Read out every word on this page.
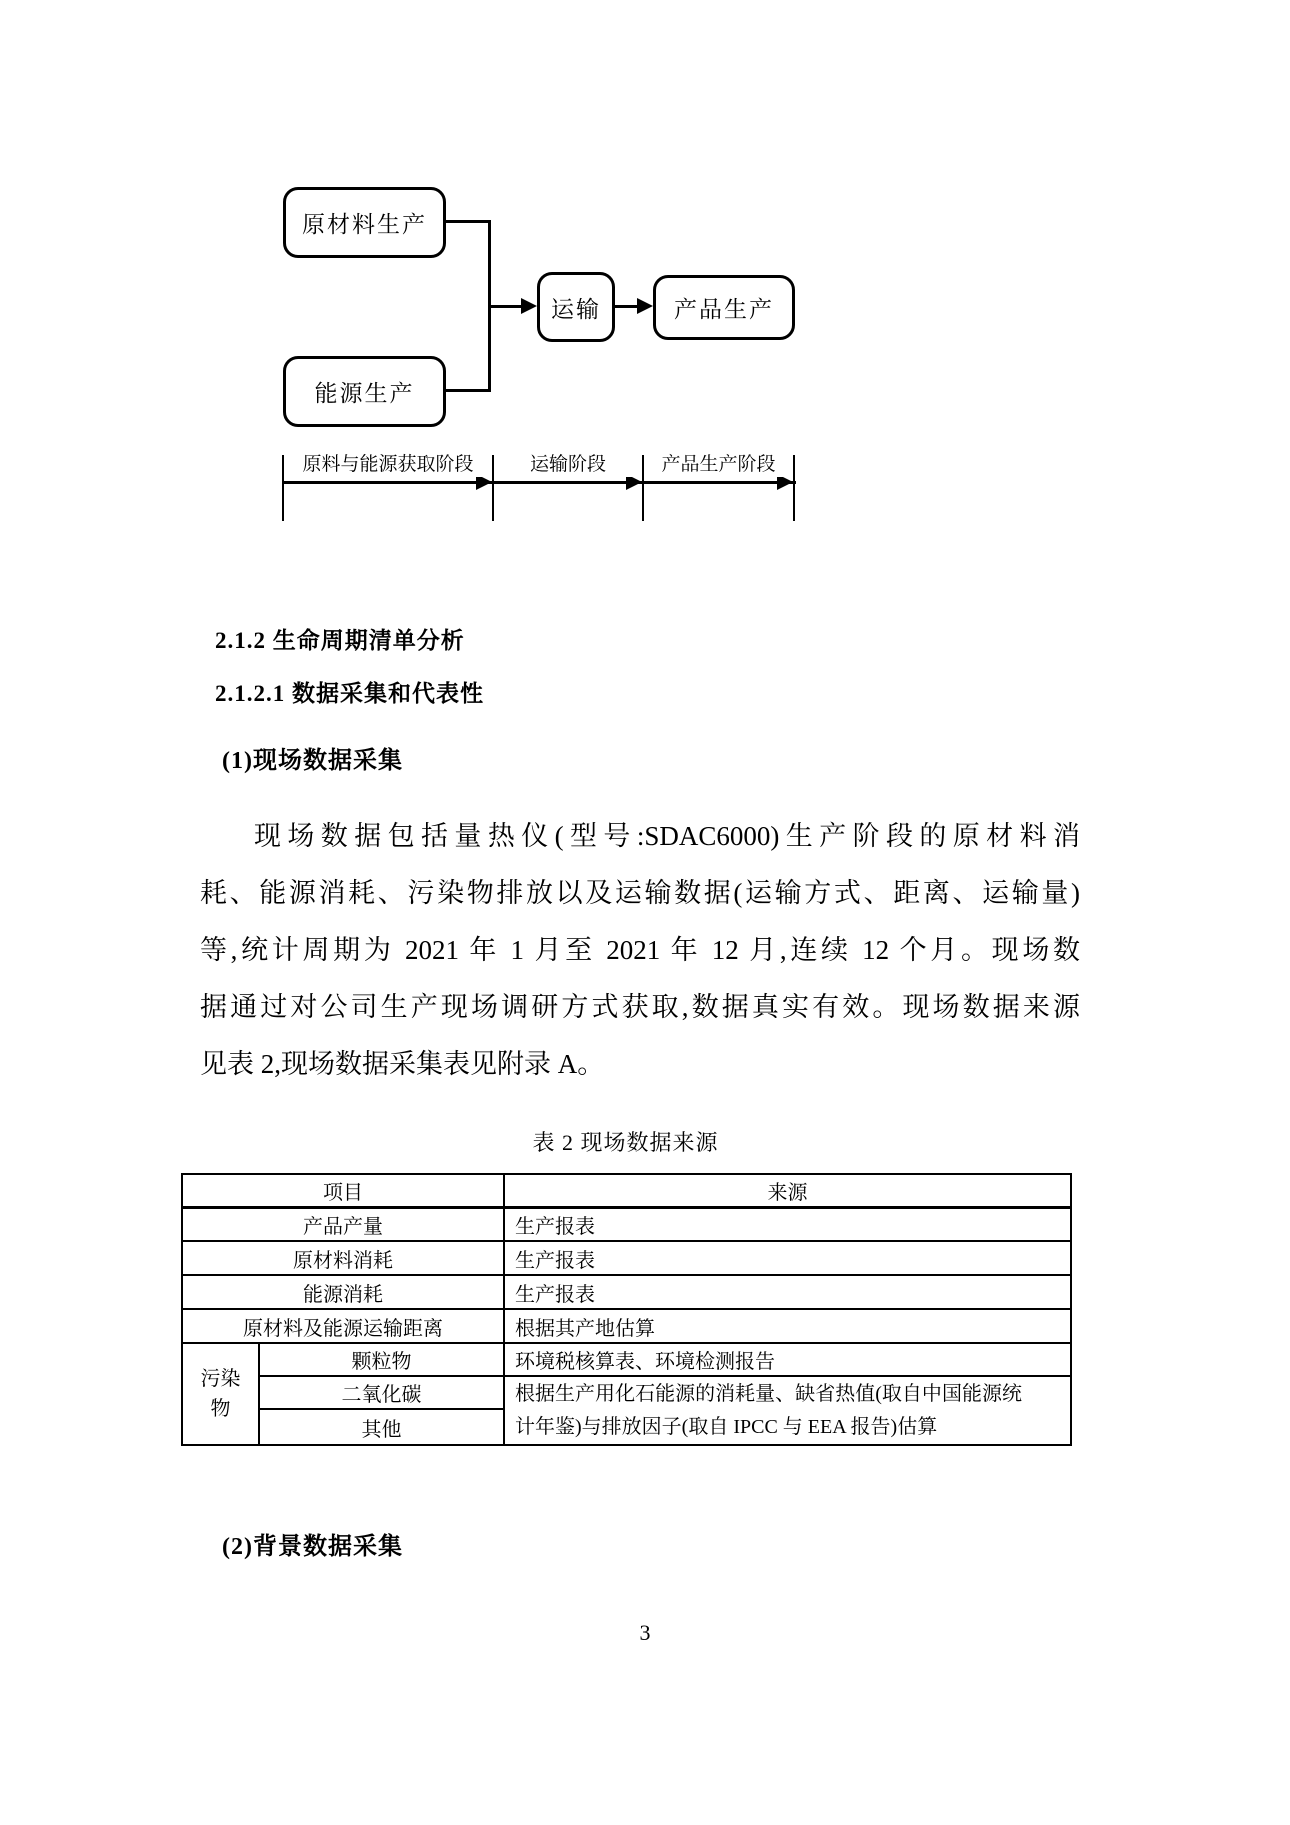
原材料生产
能源生产
运输	产品生产
原料与能源获取阶段	运输阶段	产品生产阶段
2.1.2 生命周期清单分析
2.1.2.1 数据采集和代表性
(1)现场数据采集
现场数据包括量热仪(型号:SDAC6000)生产阶段的原材料消
耗、能源消耗、污染物排放以及运输数据(运输方式、距离、运输量)
等,统计周期为 2021 年 1 月至 2021 年 12 月,连续 12 个月。现场数
据通过对公司生产现场调研方式获取,数据真实有效。现场数据来源
见表 2,现场数据采集表见附录 A。
表 2 现场数据来源
项目		来源
产品产量		生产报表
原材料消耗		生产报表
能源消耗		生产报表
原材料及能源运输距离		根据其产地估算
污染物	颗粒物	环境税核算表、环境检测报告
	二氧化碳	根据生产用化石能源的消耗量、缺省热值(取自中国能源统计年鉴)与排放因子(取自 IPCC 与 EEA 报告)估算
	其他	
(2)背景数据采集
3
